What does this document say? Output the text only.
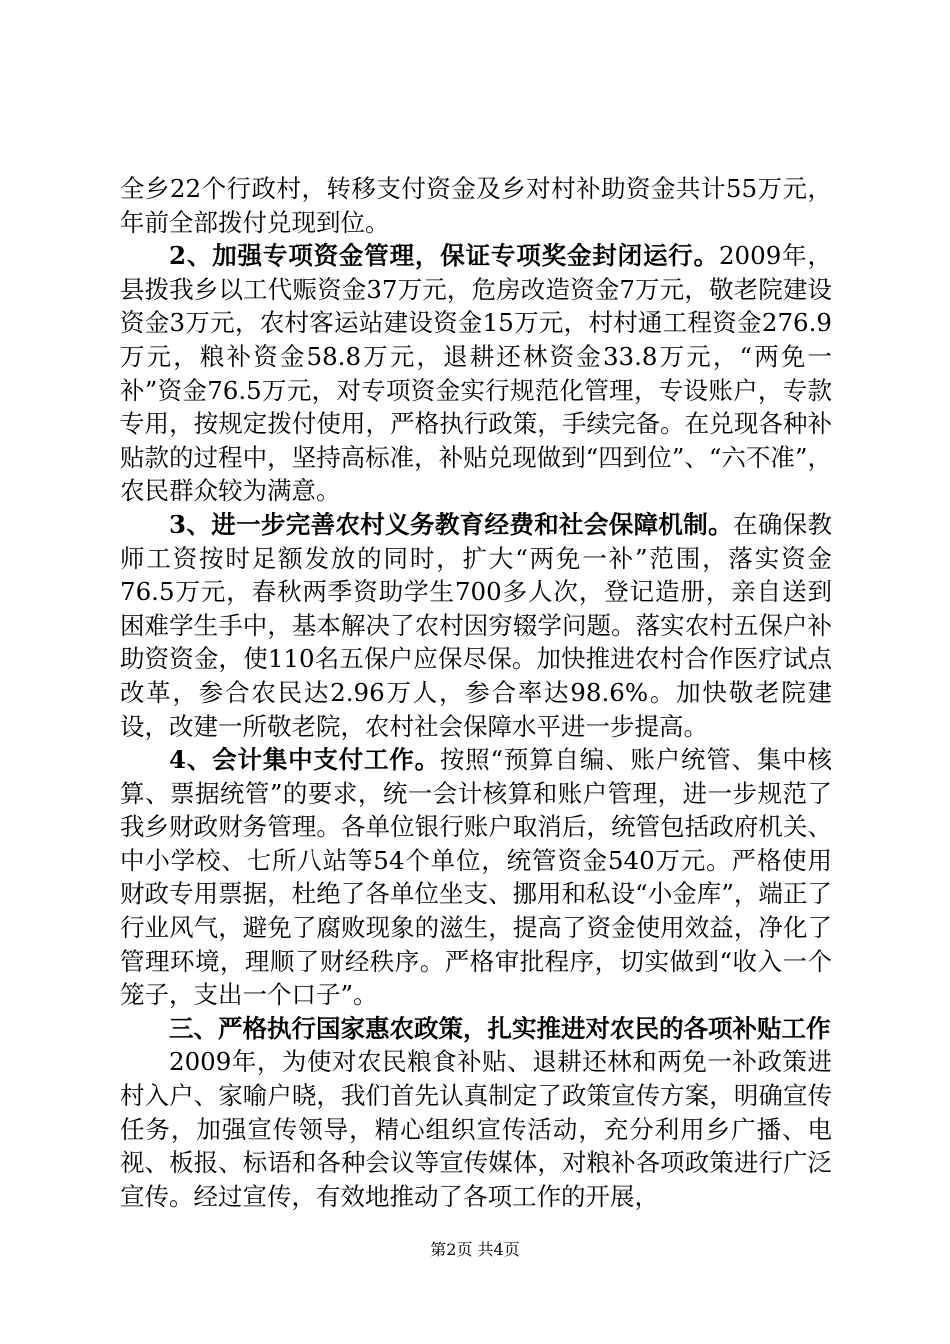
全乡22个行政村，转移支付资金及乡对村补助资金共计55万元，年前全部拨付兑现到位。

2、加强专项资金管理，保证专项奖金封闭运行。2009年，县拨我乡以工代赈资金37万元，危房改造资金7万元，敬老院建设资金3万元，农村客运站建设资金15万元，村村通工程资金276.9万元，粮补资金58.8万元，退耕还林资金33.8万元，“两免一补”资金76.5万元，对专项资金实行规范化管理，专设账户，专款专用，按规定拨付使用，严格执行政策，手续完备。在兑现各种补贴款的过程中，坚持高标准，补贴兑现做到“四到位”、“六不准”，农民群众较为满意。

3、进一步完善农村义务教育经费和社会保障机制。在确保教师工资按时足额发放的同时，扩大“两免一补”范围，落实资金76.5万元，春秋两季资助学生700多人次，登记造册，亲自送到困难学生手中，基本解决了农村因穷辍学问题。落实农村五保户补助资资金，使110名五保户应保尽保。加快推进农村合作医疗试点改革，参合农民达2.96万人，参合率达98.6%。加快敬老院建设，改建一所敬老院，农村社会保障水平进一步提高。

4、会计集中支付工作。按照“预算自编、账户统管、集中核算、票据统管”的要求，统一会计核算和账户管理，进一步规范了我乡财政财务管理。各单位银行账户取消后，统管包括政府机关、中小学校、七所八站等54个单位，统管资金540万元。严格使用财政专用票据，杜绝了各单位坐支、挪用和私设“小金库”，端正了行业风气，避免了腐败现象的滋生，提高了资金使用效益，净化了管理环境，理顺了财经秩序。严格审批程序，切实做到“收入一个笼子，支出一个口子”。

三、严格执行国家惠农政策，扎实推进对农民的各项补贴工作

2009年，为使对农民粮食补贴、退耕还林和两免一补政策进村入户、家喻户晓，我们首先认真制定了政策宣传方案，明确宣传任务，加强宣传领导，精心组织宣传活动，充分利用乡广播、电视、板报、标语和各种会议等宣传媒体，对粮补各项政策进行广泛宣传。经过宣传，有效地推动了各项工作的开展，

第2页 共4页
